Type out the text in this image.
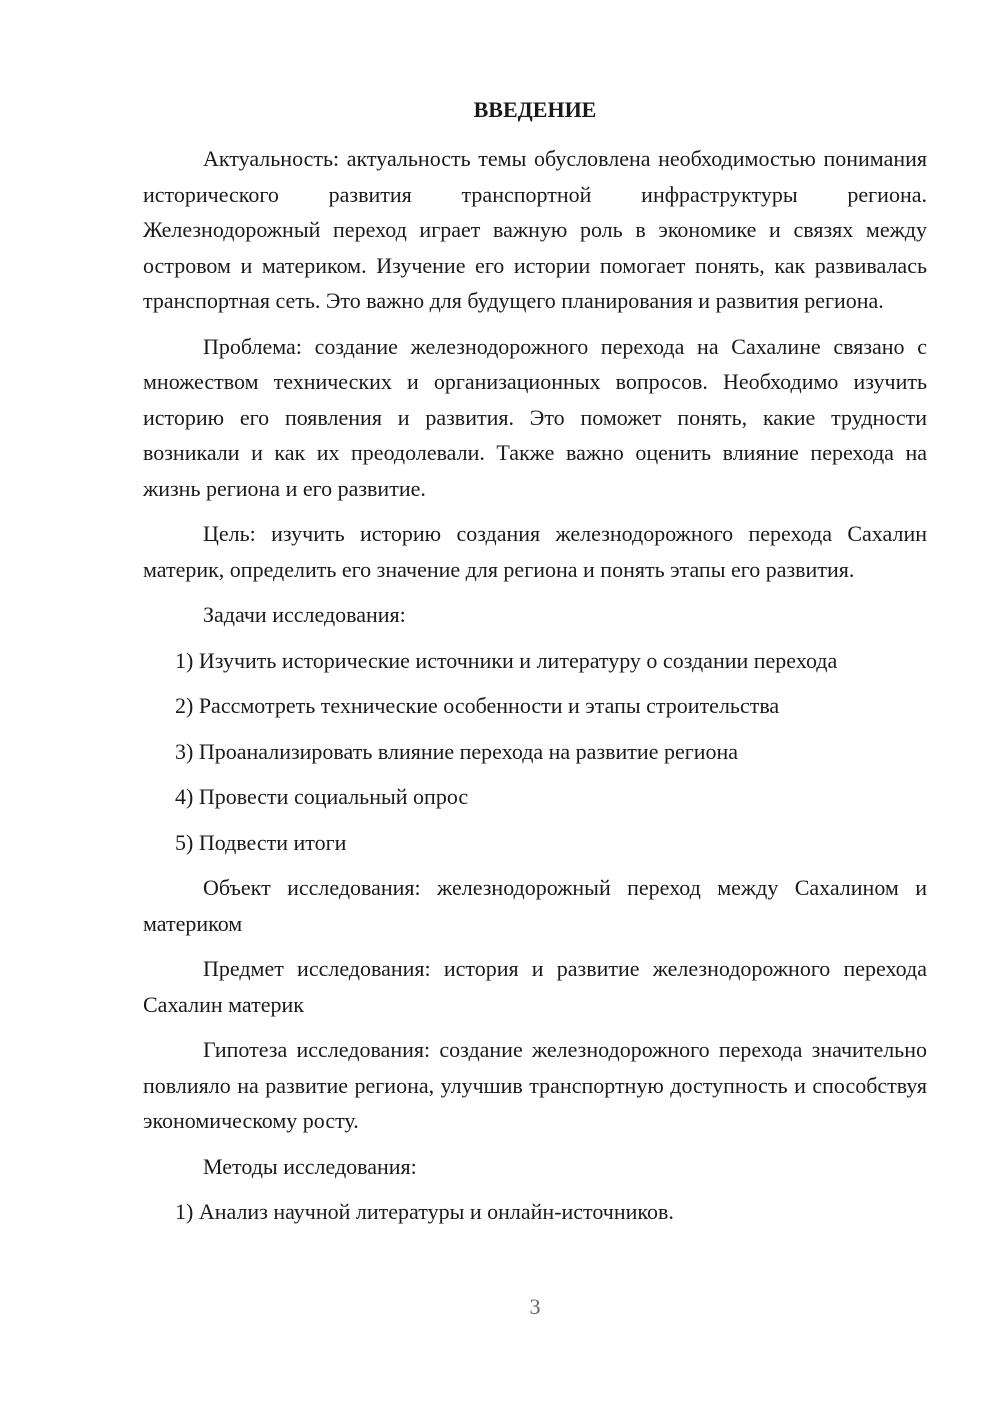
ВВЕДЕНИЕ

Актуальность: актуальность темы обусловлена необходимостью понимания исторического развития транспортной инфраструктуры региона. Железнодорожный переход играет важную роль в экономике и связях между островом и материком. Изучение его истории помогает понять, как развивалась транспортная сеть. Это важно для будущего планирования и развития региона.

Проблема: создание железнодорожного перехода на Сахалине связано с множеством технических и организационных вопросов. Необходимо изучить историю его появления и развития. Это поможет понять, какие трудности возникали и как их преодолевали. Также важно оценить влияние перехода на жизнь региона и его развитие.

Цель: изучить историю создания железнодорожного перехода Сахалин материк, определить его значение для региона и понять этапы его развития.

Задачи исследования:
1) Изучить исторические источники и литературу о создании перехода
2) Рассмотреть технические особенности и этапы строительства
3) Проанализировать влияние перехода на развитие региона
4) Провести социальный опрос
5) Подвести итоги

Объект исследования: железнодорожный переход между Сахалином и материком

Предмет исследования: история и развитие железнодорожного перехода Сахалин материк

Гипотеза исследования: создание железнодорожного перехода значительно повлияло на развитие региона, улучшив транспортную доступность и способствуя экономическому росту.

Методы исследования:
1) Анализ научной литературы и онлайн-источников.
3
